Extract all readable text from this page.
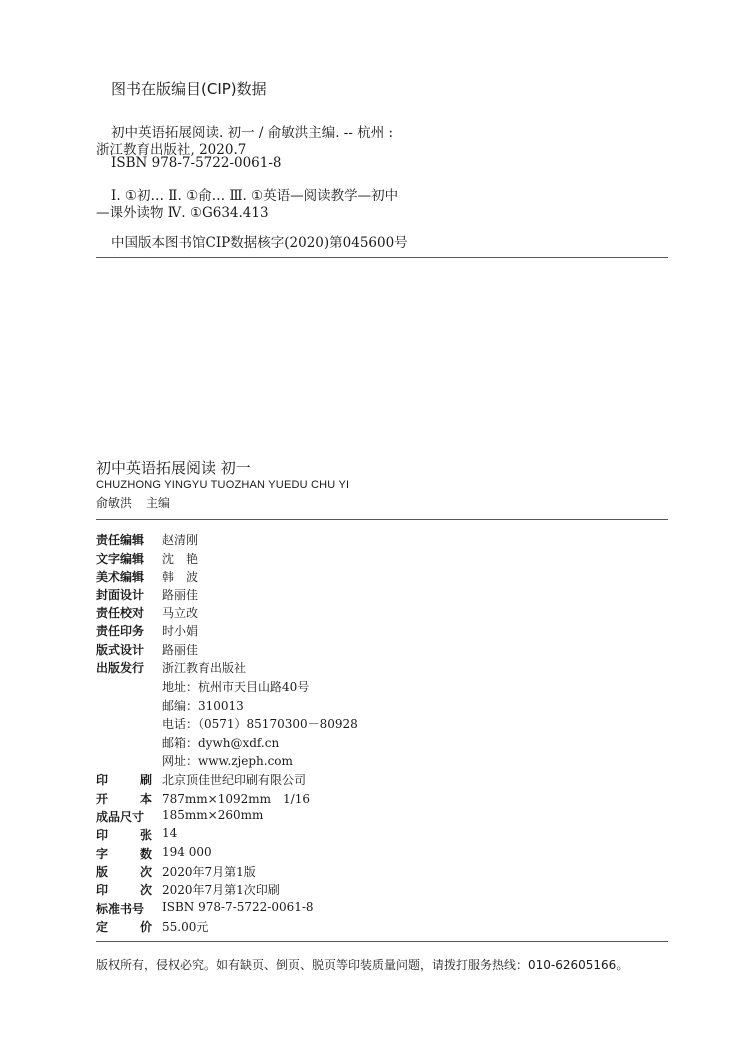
图书在版编目(CIP)数据
初中英语拓展阅读. 初一 / 俞敏洪主编. -- 杭州 :
浙江教育出版社, 2020.7
ISBN 978-7-5722-0061-8
Ⅰ. ①初… Ⅱ. ①俞… Ⅲ. ①英语—阅读教学—初中
—课外读物 Ⅳ. ①G634.413
中国版本图书馆CIP数据核字(2020)第045600号
初中英语拓展阅读 初一
CHUZHONG YINGYU TUOZHAN YUEDU CHU YI
俞敏洪 主编
责任编辑 赵清刚
文字编辑 沈　艳
美术编辑 韩　波
封面设计 路丽佳
责任校对 马立改
责任印务 时小娟
版式设计 路丽佳
出版发行 浙江教育出版社
地址：杭州市天目山路40号
邮编：310013
电话：（0571）85170300－80928
邮箱：dywh@xdf.cn
网址：www.zjeph.com
印刷 北京顶佳世纪印刷有限公司
开本 787mm×1092mm　1/16
成品尺寸 185mm×260mm
印张 14
字数 194 000
版次 2020年7月第1版
印次 2020年7月第1次印刷
标准书号 ISBN 978-7-5722-0061-8
定价 55.00元
版权所有，侵权必究。如有缺页、倒页、脱页等印装质量问题，请拨打服务热线：010-62605166。
